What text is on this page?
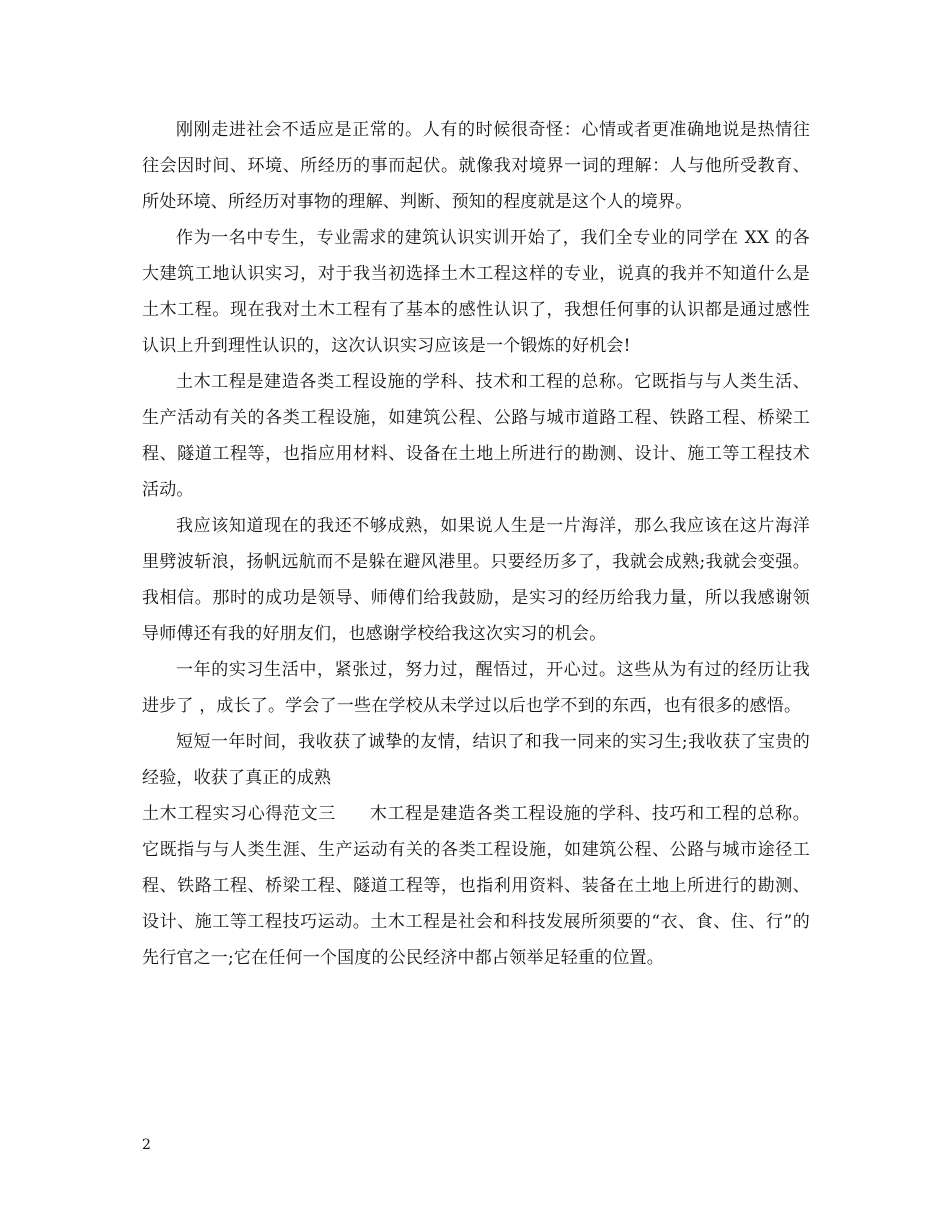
刚刚走进社会不适应是正常的。人有的时候很奇怪：心情或者更准确地说是热情往往会因时间、环境、所经历的事而起伏。就像我对境界一词的理解：人与他所受教育、所处环境、所经历对事物的理解、判断、预知的程度就是这个人的境界。

作为一名中专生，专业需求的建筑认识实训开始了，我们全专业的同学在 XX 的各大建筑工地认识实习，对于我当初选择土木工程这样的专业，说真的我并不知道什么是土木工程。现在我对土木工程有了基本的感性认识了，我想任何事的认识都是通过感性认识上升到理性认识的，这次认识实习应该是一个锻炼的好机会!

土木工程是建造各类工程设施的学科、技术和工程的总称。它既指与与人类生活、生产活动有关的各类工程设施，如建筑公程、公路与城市道路工程、铁路工程、桥梁工程、隧道工程等，也指应用材料、设备在土地上所进行的勘测、设计、施工等工程技术活动。

我应该知道现在的我还不够成熟，如果说人生是一片海洋，那么我应该在这片海洋里劈波斩浪，扬帆远航而不是躲在避风港里。只要经历多了，我就会成熟;我就会变强。我相信。那时的成功是领导、师傅们给我鼓励，是实习的经历给我力量，所以我感谢领导师傅还有我的好朋友们，也感谢学校给我这次实习的机会。

一年的实习生活中，紧张过，努力过，醒悟过，开心过。这些从为有过的经历让我进步了 ，成长了。学会了一些在学校从未学过以后也学不到的东西，也有很多的感悟。

短短一年时间，我收获了诚挚的友情，结识了和我一同来的实习生;我收获了宝贵的经验，收获了真正的成熟

土木工程实习心得范文三 木工程是建造各类工程设施的学科、技巧和工程的总称。它既指与与人类生涯、生产运动有关的各类工程设施，如建筑公程、公路与城市途径工程、铁路工程、桥梁工程、隧道工程等，也指利用资料、装备在土地上所进行的勘测、设计、施工等工程技巧运动。土木工程是社会和科技发展所须要的“衣、食、住、行”的先行官之一;它在任何一个国度的公民经济中都占领举足轻重的位置。

2
